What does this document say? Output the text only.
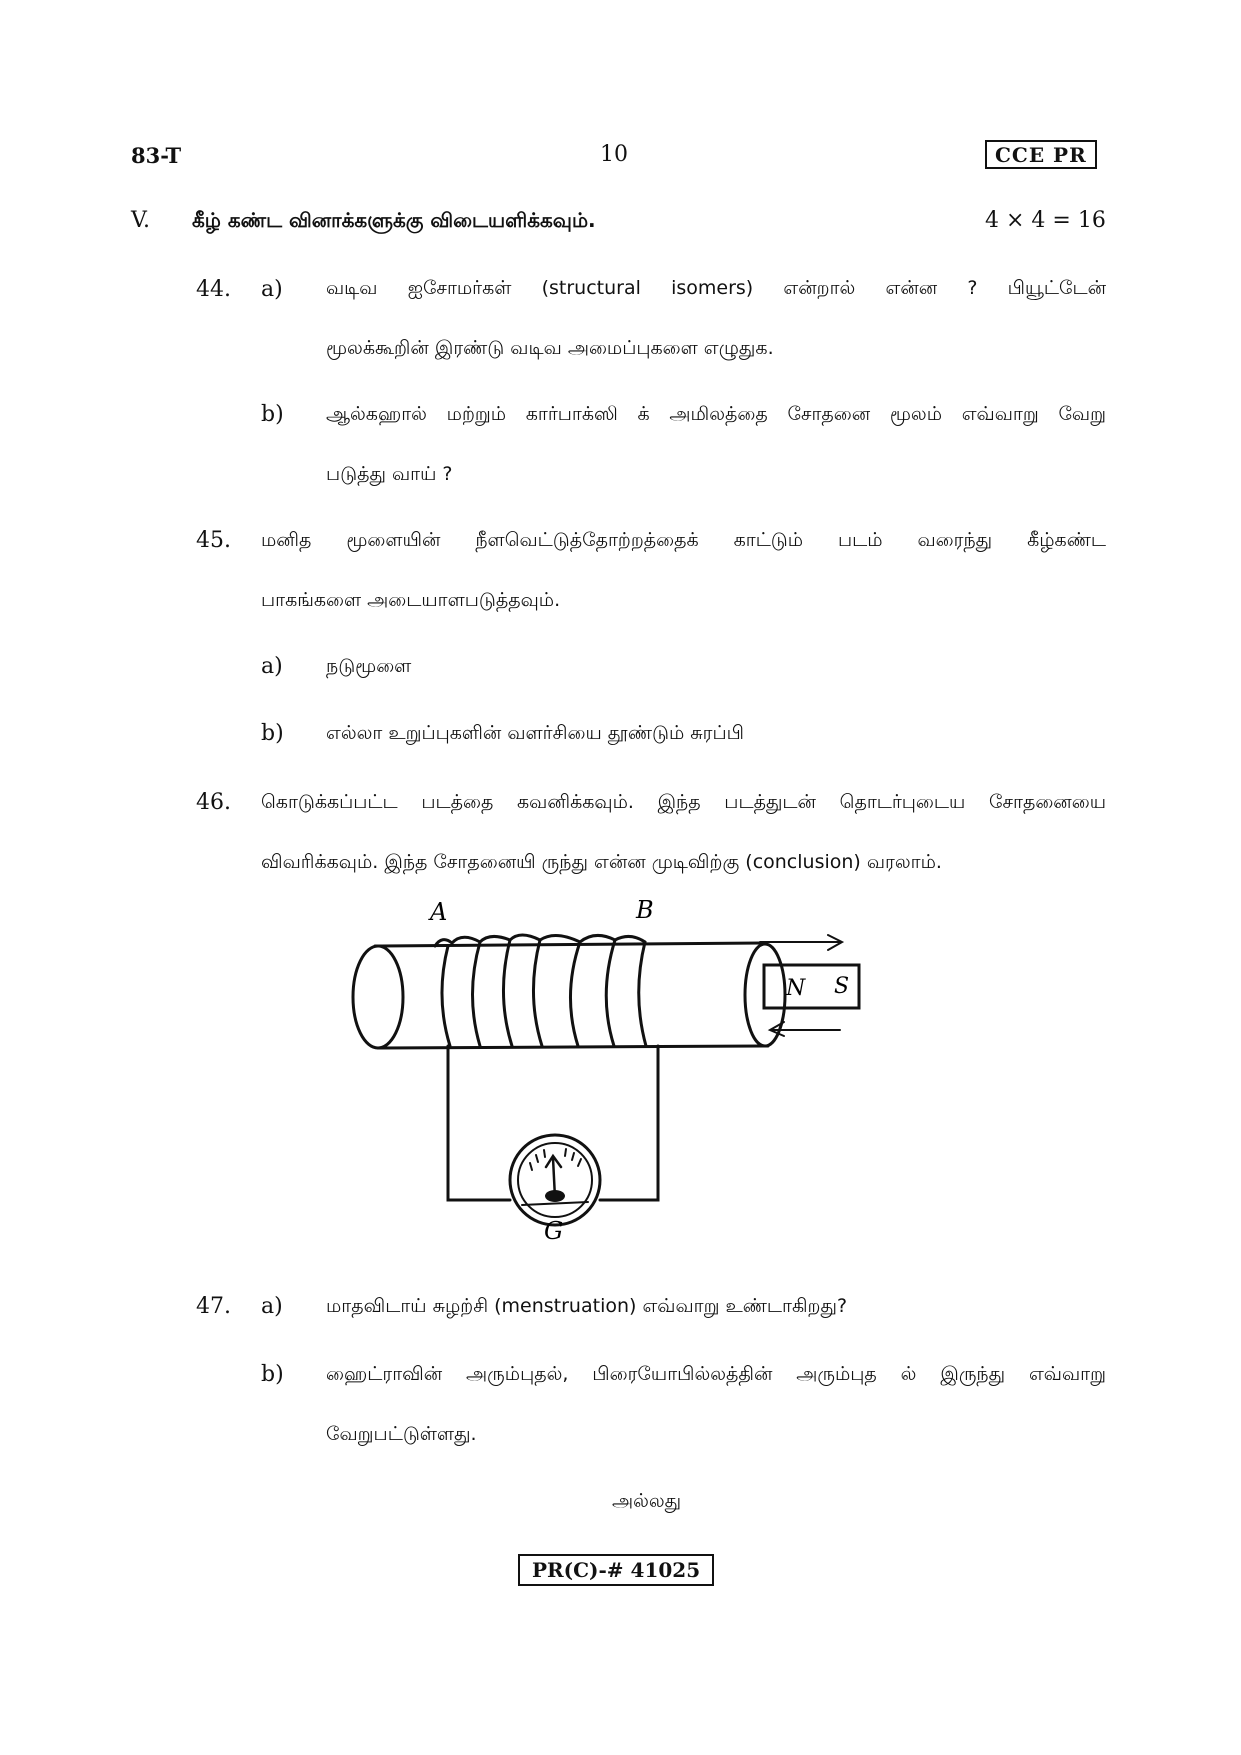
83-T	10	CCE PR
V. கீழ் கண்ட வினாக்களுக்கு விடையளிக்கவும்.	4 × 4 = 16
44. a) வடிவ ஐசோமர்கள் (structural isomers) என்றால் என்ன ? பியூட்டேன்
மூலக்கூறின் இரண்டு வடிவ அமைப்புகளை எழுதுக.
b) ஆல்கஹால் மற்றும் கார்பாக்ஸி க் அமிலத்தை சோதனை மூலம் எவ்வாறு வேறு
படுத்து வாய் ?
45. மனித மூளையின் நீளவெட்டுத்தோற்றத்தைக் காட்டும் படம் வரைந்து கீழ்கண்ட
பாகங்களை அடையாளபடுத்தவும்.
a) நடுமூளை
b) எல்லா உறுப்புகளின் வளர்சியை தூண்டும் சுரப்பி
46. கொடுக்கப்பட்ட படத்தை கவனிக்கவும். இந்த படத்துடன் தொடர்புடைய சோதனையை
விவரிக்கவும். இந்த சோதனையி ருந்து என்ன முடிவிற்கு (conclusion) வரலாம்.
A	B
N S
G
47. a) மாதவிடாய் சுழற்சி (menstruation) எவ்வாறு உண்டாகிறது?
b) ஹைட்ராவின் அரும்புதல், பிரையோபில்லத்தின் அரும்புத ல் இருந்து எவ்வாறு
வேறுபட்டுள்ளது.
அல்லது
PR(C)-# 41025
